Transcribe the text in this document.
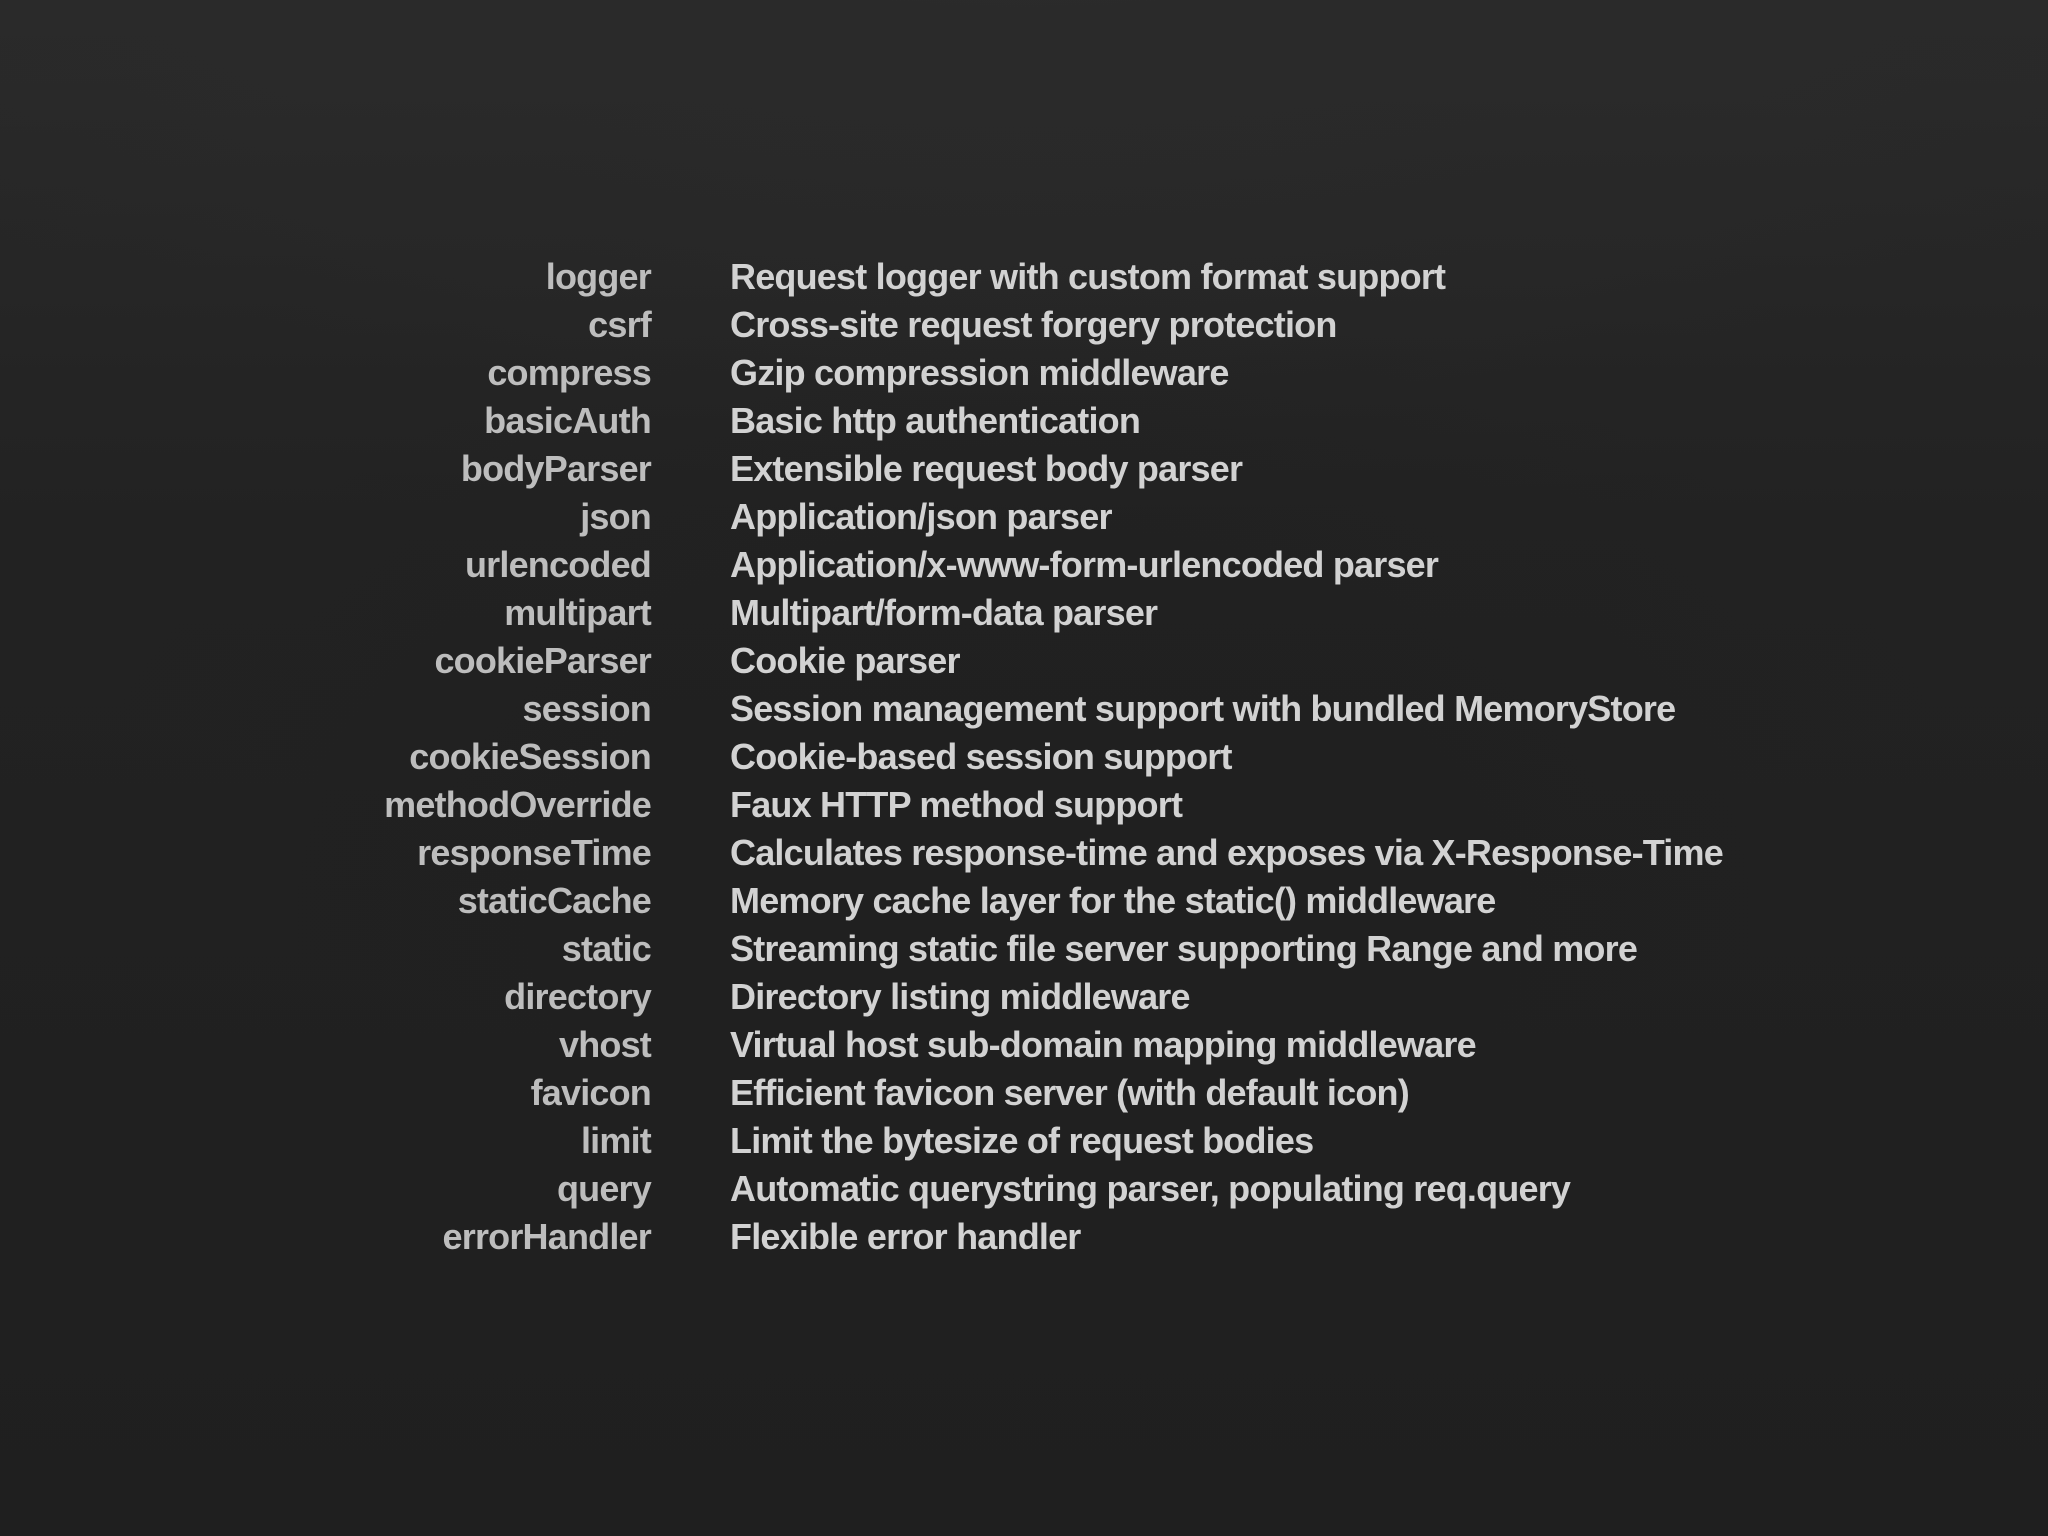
logger Request logger with custom format support
csrf Cross-site request forgery protection
compress Gzip compression middleware
basicAuth Basic http authentication
bodyParser Extensible request body parser
json Application/json parser
urlencoded Application/x-www-form-urlencoded parser
multipart Multipart/form-data parser
cookieParser Cookie parser
session Session management support with bundled MemoryStore
cookieSession Cookie-based session support
methodOverride Faux HTTP method support
responseTime Calculates response-time and exposes via X-Response-Time
staticCache Memory cache layer for the static() middleware
static Streaming static file server supporting Range and more
directory Directory listing middleware
vhost Virtual host sub-domain mapping middleware
favicon Efficient favicon server (with default icon)
limit Limit the bytesize of request bodies
query Automatic querystring parser, populating req.query
errorHandler Flexible error handler
